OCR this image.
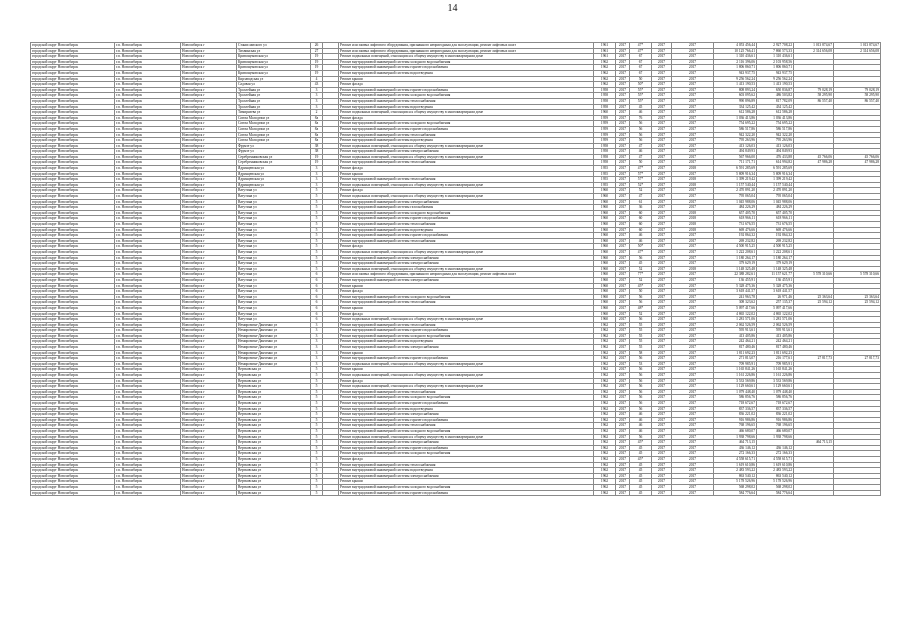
14
городской округ Новосибирск	г.п. Новосибирск	Новосибирск г	Станиславского ул	26		Ремонт или замена лифтового оборудования, признанного непригодным для эксплуатации, ремонт лифтовых шахт	1961	2017	47*	2017	2017	4 053 456,44	2 927 708,22	1 013 874,67	1 013 874,67
городской округ Новосибирск	г.п. Новосибирск	Новосибирск г	Тихвинская ул	27		Ремонт или замена лифтового оборудования, признанного непригодным для эксплуатации, ремонт лифтовых шахт	1961	2017	47*	2017	2017	10 125 766,41	7 860 573,33	2 314 656,08	2 314 656,08
городской округ Новосибирск	г.п. Новосибирск	Новосибирск г	Кривощековская ул	19		Ремонт подвальных помещений, относящихся к общему имуществу в многоквартирном доме	1961	2017	67	2017	2017	1 310 436,61	1 310 436,61		
городской округ Новосибирск	г.п. Новосибирск	Новосибирск г	Кривощековская ул	19		Ремонт внутридомовой инженерной системы холодного водоснабжения	1962	2017	67	2017	2017	2 116 396,06	2 103 958,56		
городской округ Новосибирск	г.п. Новосибирск	Новосибирск г	Кривощековская ул	19		Ремонт внутридомовой инженерной системы горячего водоснабжения	1962	2017	67	2017	2017	1 806 860,71	1 806 860,71		
городской округ Новосибирск	г.п. Новосибирск	Новосибирск г	Кривощековская ул	19		Ремонт внутридомовой инженерной системы водоотведения	1962	2017	67	2017	2017	943 937,75	943 937,75		
городской округ Новосибирск	г.п. Новосибирск	Новосибирск г	Кирзаводская ул	4		Ремонт крыши	1962	2017	50	2017	2017	9 256 562,24	9 256 562,24		
городской округ Новосибирск	г.п. Новосибирск	Новосибирск г	Садовая ул	43		Ремонт фасада	1962	2017	50*	2017	2017	1 413 190,53	1 413 190,53		
городской округ Новосибирск	г.п. Новосибирск	Новосибирск г	Троллейная ул	3		Ремонт внутридомовой инженерной системы горячего водоснабжения	1958	2017	55*	2017	2017	808 893,24	650 836,87	79 028,19	79 028,19
городской округ Новосибирск	г.п. Новосибирск	Новосибирск г	Троллейная ул	3		Ремонт внутридомовой инженерной системы холодного водоснабжения	1958	2017	55*	2017	2017	603 095,62	486 503,82	58 295,90	58 295,90
городской округ Новосибирск	г.п. Новосибирск	Новосибирск г	Троллейная ул	3		Ремонт внутридомовой инженерной системы теплоснабжения	1958	2017	55*	2017	2017	990 896,89	817 782,09	86 557,40	86 557,40
городской округ Новосибирск	г.п. Новосибирск	Новосибирск г	Троллейная ул	3		Ремонт внутридомовой инженерной системы водоотведения	1958	2017	45	2017	2017	334 125,42	434 125,42		
городской округ Новосибирск	г.п. Новосибирск	Новосибирск г	Тимирязева ул	2		Ремонт подвальных помещений, относящихся к общему имуществу в многоквартирном доме	1960	2017	46	2017	2017	612 586,28	612 586,28		
городской округ Новосибирск	г.п. Новосибирск	Новосибирск г	Союза Молодежи ул	8а		Ремонт фасада	1959	2017	76	2017	2017	1 036 413,86	1 036 413,86		
городской округ Новосибирск	г.п. Новосибирск	Новосибирск г	Союза Молодежи ул	8а		Ремонт внутридомовой инженерной системы холодного водоснабжения	1959	2017	56	2017	2017	754 695,22	754 695,22		
городской округ Новосибирск	г.п. Новосибирск	Новосибирск г	Союза Молодежи ул	8а		Ремонт внутридомовой инженерной системы горячего водоснабжения	1959	2017	56	2017	2017	586 517,86	586 517,86		
городской округ Новосибирск	г.п. Новосибирск	Новосибирск г	Союза Молодежи ул	8а		Ремонт внутридомовой инженерной системы теплоснабжения	1959	2017	56	2017	2017	942 322,20	942 322,20		
городской округ Новосибирск	г.п. Новосибирск	Новосибирск г	Союза Молодежи ул	8а		Ремонт внутридомовой инженерной системы водоотведения	1959	2017	56	2017	2017	795 263,96	795 263,96		
городской округ Новосибирск	г.п. Новосибирск	Новосибирск г	Фрунзе ул	38		Ремонт подвальных помещений, относящихся к общему имуществу в многоквартирном доме	1958	2017	47	2017	2017	413 126,03	413 126,03		
городской округ Новосибирск	г.п. Новосибирск	Новосибирск г	Фрунзе ул	38		Ремонт внутридомовой инженерной системы электроснабжения	1958	2017	46	2017	2017	494 849,93	494 849,93		
городской округ Новосибирск	г.п. Новосибирск	Новосибирск г	Серебренниковская ул	19		Ремонт подвальных помещений, относящихся к общему имуществу в многоквартирном доме	1958	2017	47	2017	2017	567 966,00	476 433,88	45 766,06	45 766,06
городской округ Новосибирск	г.п. Новосибирск	Новосибирск г	Серебренниковская ул	19		Ремонт внутридомовой инженерной системы теплоснабжения	1958	2017	50	2017	2017	711 171,71	614 994,82	47 986,28	47 986,28
городской округ Новосибирск	г.п. Новосибирск	Новосибирск г	Ядринцевская ул	3		Ремонт фасада	1955	2017	47*	2017	2018	6 591 285,69	6 591 285,69		
городской округ Новосибирск	г.п. Новосибирск	Новосибирск г	Ядринцевская ул	3		Ремонт крыши	1955	2017	57*	2017	2017	5 809 916,34	5 809 916,34		
городской округ Новосибирск	г.п. Новосибирск	Новосибирск г	Ядринцевская ул	3		Ремонт внутридомовой инженерной системы теплоснабжения	1955	2017	57*	2017	2018	1 399 219,42	1 399 219,42		
городской округ Новосибирск	г.п. Новосибирск	Новосибирск г	Ядринцевская ул	3		Ремонт подвальных помещений, относящихся к общему имуществу в многоквартирном доме	1955	2017	52*	2017	2018	1 157 540,44	1 157 540,44		
городской округ Новосибирск	г.п. Новосибирск	Новосибирск г	Ватутина ул	5		Ремонт фасада	1960	2017	52	2017	2017	2 470 891,20	2 470 891,20		
городской округ Новосибирск	г.п. Новосибирск	Новосибирск г	Ватутина ул	5		Ремонт подвальных помещений, относящихся к общему имуществу в многоквартирном доме	1960	2017	47	2017	2017	795 065,04	795 065,04		
городской округ Новосибирск	г.п. Новосибирск	Новосибирск г	Ватутина ул	5		Ремонт внутридомовой инженерной системы электроснабжения	1960	2017	61	2017	2017	1 045 988,06	1 045 988,06		
городской округ Новосибирск	г.п. Новосибирск	Новосибирск г	Ватутина ул	5		Ремонт внутридомовой инженерной системы газоснабжения	1960	2017	36	2017	2017	484 226,29	484 226,29		
городской округ Новосибирск	г.п. Новосибирск	Новосибирск г	Ватутина ул	5		Ремонт внутридомовой инженерной системы холодного водоснабжения	1960	2017	60	2017	2018	657 405,70	657 405,70		
городской округ Новосибирск	г.п. Новосибирск	Новосибирск г	Ватутина ул	5		Ремонт внутридомовой инженерной системы горячего водоснабжения	1960	2017	60	2017	2018	618 966,11	618 966,11		
городской округ Новосибирск	г.п. Новосибирск	Новосибирск г	Ватутина ул	5		Ремонт внутридомовой инженерной системы теплоснабжения	1960	2017	60	2017	2018	731 676,55	731 676,55		
городской округ Новосибирск	г.п. Новосибирск	Новосибирск г	Ватутина ул	5		Ремонт внутридомовой инженерной системы водоотведения	1960	2017	60	2017	2018	669 476,66	669 476,66		
городской округ Новосибирск	г.п. Новосибирск	Новосибирск г	Ватутина ул	5		Ремонт внутридомовой инженерной системы горячего водоснабжения	1960	2017	46	2017	2017	192 864,32	192 864,32		
городской округ Новосибирск	г.п. Новосибирск	Новосибирск г	Ватутина ул	5		Ремонт внутридомовой инженерной системы теплоснабжения	1960	2017	46	2017	2017	269 232,82	269 232,82		
городской округ Новосибирск	г.п. Новосибирск	Новосибирск г	Ватутина ул	5		Ремонт фасада	1960	2017	50*	2017	2017	4 500 915,25	4 500 915,25		
городской округ Новосибирск	г.п. Новосибирск	Новосибирск г	Ватутина ул	5		Ремонт подвальных помещений, относящихся к общему имуществу в многоквартирном доме	1960	2017	47*	2017	2017	1 222 208,61	1 222 208,61		
городской округ Новосибирск	г.п. Новосибирск	Новосибирск г	Ватутина ул	5		Ремонт внутридомовой инженерной системы электроснабжения	1960	2017	56	2017	2017	1 180 264,17	1 180 264,17		
городской округ Новосибирск	г.п. Новосибирск	Новосибирск г	Ватутина ул	5		Ремонт внутридомовой инженерной системы электроснабжения	1960	2017	45	2017	2017	379 629,19	379 629,19		
городской округ Новосибирск	г.п. Новосибирск	Новосибирск г	Ватутина ул	5		Ремонт подвальных помещений, относящихся к общему имуществу в многоквартирном доме	1960	2017	52	2017	2018	1 148 325,48	1 148 325,48		
городской округ Новосибирск	г.п. Новосибирск	Новосибирск г	Ватутина ул	6		Ремонт или замена лифтового оборудования, признанного непригодным для эксплуатации, ремонт лифтовых шахт	1960	2017	77*	2017	2017	22 388 282,61	11 157 621,77	5 578 310,66	5 578 310,66
городской округ Новосибирск	г.п. Новосибирск	Новосибирск г	Ватутина ул	6		Ремонт внутридомовой инженерной системы электроснабжения	1960	2017	52	2017	2017	136 455,91	136 455,91		
городской округ Новосибирск	г.п. Новосибирск	Новосибирск г	Ватутина ул	6		Ремонт крыши	1960	2017	45*	2017	2017	5 328 475,36	5 328 475,36		
городской округ Новосибирск	г.п. Новосибирск	Новосибирск г	Ватутина ул	6		Ремонт фасада	1960	2017	50	2017	2017	3 618 441,57	3 618 441,57		
городской округ Новосибирск	г.п. Новосибирск	Новосибирск г	Ватутина ул	6		Ремонт внутридомовой инженерной системы холодного водоснабжения	1960	2017	56	2017	2017	241 963,78	26 971,46	25 363,64	25 363,64
городской округ Новосибирск	г.п. Новосибирск	Новосибирск г	Ватутина ул	6		Ремонт внутридомовой инженерной системы теплоснабжения	1960	2017	56	2017	2017	308 323,62	257 135,37	25 594,12	25 594,12
городской округ Новосибирск	г.п. Новосибирск	Новосибирск г	Ватутина ул	6		Ремонт крыши	1960	2017	48*	2017	2017	5 097 417,66	5 097 417,66		
городской округ Новосибирск	г.п. Новосибирск	Новосибирск г	Ватутина ул	6		Ремонт фасада	1960	2017	52	2017	2017	4 865 122,02	4 865 122,02		
городской округ Новосибирск	г.п. Новосибирск	Новосибирск г	Ватутина ул	6		Ремонт подвальных помещений, относящихся к общему имуществу в многоквартирном доме	1960	2017	56	2017	2017	1 281 571,06	1 281 571,06		
городской округ Новосибирск	г.п. Новосибирск	Новосибирск г	Немировича-Данченко ул	3		Ремонт внутридомовой инженерной системы теплоснабжения	1962	2017	55	2017	2017	2 062 526,59	2 062 526,59		
городской округ Новосибирск	г.п. Новосибирск	Новосибирск г	Немировича-Данченко ул	3		Ремонт внутридомовой инженерной системы горячего водоснабжения	1962	2017	55	2017	2017	595 913,61	595 913,61		
городской округ Новосибирск	г.п. Новосибирск	Новосибирск г	Немировича-Данченко ул	3		Ремонт внутридомовой инженерной системы холодного водоснабжения	1962	2017	55	2017	2017	413 405,86	413 405,86		
городской округ Новосибирск	г.п. Новосибирск	Новосибирск г	Немировича-Данченко ул	3		Ремонт внутридомовой инженерной системы водоотведения	1962	2017	55	2017	2017	242 464,21	242 464,21		
городской округ Новосибирск	г.п. Новосибирск	Новосибирск г	Немировича-Данченко ул	3		Ремонт внутридомовой инженерной системы электроснабжения	1962	2017	55	2017	2017	817 480,46	817 480,46		
городской округ Новосибирск	г.п. Новосибирск	Новосибирск г	Немировича-Данченко ул	3		Ремонт крыши	1962	2017	58	2017	2017	1 811 692,23	1 811 692,23		
городской округ Новосибирск	г.п. Новосибирск	Новосибирск г	Немировича-Данченко ул	3		Ремонт внутридомовой инженерной системы горячего водоснабжения	1962	2017	56	2017	2017	271 813,07	216 177,61	27 817,73	27 817,73
городской округ Новосибирск	г.п. Новосибирск	Новосибирск г	Немировича-Данченко ул	3		Ремонт подвальных помещений, относящихся к общему имуществу в многоквартирном доме	1962	2017	53	2017	2017	709 985,91	709 985,91		
городской округ Новосибирск	г.п. Новосибирск	Новосибирск г	Вертковская ул	5		Ремонт крыши	1962	2017	56	2017	2017	1 165 841,26	1 165 841,26		
городской округ Новосибирск	г.п. Новосибирск	Новосибирск г	Вертковская ул	5		Ремонт подвальных помещений, относящихся к общему имуществу в многоквартирном доме	1962	2017	56	2017	2017	1 161 226,86	1 161 226,86		
городской округ Новосибирск	г.п. Новосибирск	Новосибирск г	Вертковская ул	5		Ремонт фасада	1962	2017	56	2017	2017	3 533 569,86	3 533 569,86		
городской округ Новосибирск	г.п. Новосибирск	Новосибирск г	Вертковская ул	5		Ремонт подвальных помещений, относящихся к общему имуществу в многоквартирном доме	1962	2017	56	2017	2017	1 129 660,61	1 129 660,61		
городской округ Новосибирск	г.п. Новосибирск	Новосибирск г	Вертковская ул	5		Ремонт внутридомовой инженерной системы теплоснабжения	1962	2017	56	2017	2017	1 079 448,40	1 079 448,40		
городской округ Новосибирск	г.п. Новосибирск	Новосибирск г	Вертковская ул	5		Ремонт внутридомовой инженерной системы холодного водоснабжения	1962	2017	56	2017	2017	586 856,76	586 856,76		
городской округ Новосибирск	г.п. Новосибирск	Новосибирск г	Вертковская ул	5		Ремонт внутридомовой инженерной системы горячего водоснабжения	1962	2017	56	2017	2017	718 672,67	718 672,67		
городской округ Новосибирск	г.п. Новосибирск	Новосибирск г	Вертковская ул	5		Ремонт внутридомовой инженерной системы водоотведения	1962	2017	56	2017	2017	837 336,57	837 336,57		
городской округ Новосибирск	г.п. Новосибирск	Новосибирск г	Вертковская ул	5		Ремонт внутридомовой инженерной системы электроснабжения	1962	2017	46	2017	2017	836 221,02	836 221,02		
городской округ Новосибирск	г.п. Новосибирск	Новосибирск г	Вертковская ул	5		Ремонт внутридомовой инженерной системы горячего водоснабжения	1962	2017	46	2017	2017	916 986,86	916 986,86		
городской округ Новосибирск	г.п. Новосибирск	Новосибирск г	Вертковская ул	5		Ремонт внутридомовой инженерной системы теплоснабжения	1962	2017	46	2017	2017	768 196,65	768 196,65		
городской округ Новосибирск	г.п. Новосибирск	Новосибирск г	Вертковская ул	5		Ремонт внутридомовой инженерной системы холодного водоснабжения	1962	2017	46	2017	2017	466 680,07	466 680,07		
городской округ Новосибирск	г.п. Новосибирск	Новосибирск г	Вертковская ул	5		Ремонт подвальных помещений, относящихся к общему имуществу в многоквартирном доме	1962	2017	56	2017	2017	1 938 798,66	1 938 798,66		
городской округ Новосибирск	г.п. Новосибирск	Новосибирск г	Вертковская ул	5		Ремонт внутридомовой инженерной системы электроснабжения	1962	2017	45*	2017	2017	464 713,15		464 713,15	
городской округ Новосибирск	г.п. Новосибирск	Новосибирск г	Вертковская ул	5		Ремонт внутридомовой инженерной системы горячего водоснабжения	1962	2017	45	2017	2017	436 146,12	436 146,12		
городской округ Новосибирск	г.п. Новосибирск	Новосибирск г	Вертковская ул	5		Ремонт внутридомовой инженерной системы холодного водоснабжения	1962	2017	45	2017	2017	272 166,33	272 166,33		
городской округ Новосибирск	г.п. Новосибирск	Новосибирск г	Вертковская ул	5		Ремонт фасада	1962	2017	45*	2017	2017	4 558 615,71	4 558 615,71		
городской округ Новосибирск	г.п. Новосибирск	Новосибирск г	Вертковская ул	5		Ремонт внутридомовой инженерной системы теплоснабжения	1962	2017	45	2017	2017	1 619 610,86	1 619 610,86		
городской округ Новосибирск	г.п. Новосибирск	Новосибирск г	Вертковская ул	5		Ремонт внутридомовой инженерной системы водоотведения	1962	2017	45	2017	2017	2 483 593,22	2 483 593,22		
городской округ Новосибирск	г.п. Новосибирск	Новосибирск г	Вертковская ул	5		Ремонт внутридомовой инженерной системы электроснабжения	1962	2017	45	2017	2017	863 540,12	863 540,12		
городской округ Новосибирск	г.п. Новосибирск	Новосибирск г	Вертковская ул	5		Ремонт крыши	1962	2017	45	2017	2017	5 178 526,96	5 178 526,96		
городской округ Новосибирск	г.п. Новосибирск	Новосибирск г	Вертковская ул	5		Ремонт внутридомовой инженерной системы холодного водоснабжения	1962	2017	45	2017	2017	568 298,02	568 298,02		
городской округ Новосибирск	г.п. Новосибирск	Новосибирск г	Вертковская ул	5		Ремонт внутридомовой инженерной системы горячего водоснабжения	1962	2017	45	2017	2017	584 776,64	584 776,64		
